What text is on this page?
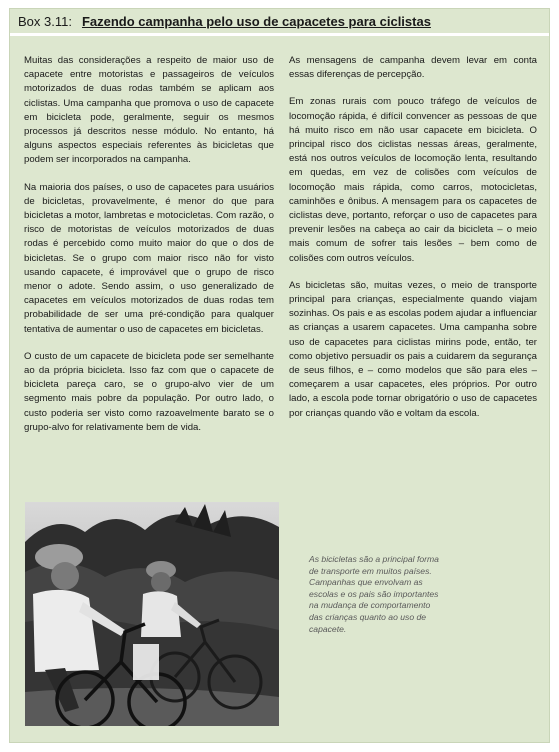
Box 3.11: Fazendo campanha pelo uso de capacetes para ciclistas

Muitas das considerações a respeito de maior uso de capacete entre motoristas e passageiros de veículos motorizados de duas rodas também se aplicam aos ciclistas. Uma campanha que promova o uso de capacete em bicicleta pode, geralmente, seguir os mesmos processos já descritos nesse módulo. No entanto, há alguns aspectos especiais referentes às bicicletas que podem ser incorporados na campanha.

Na maioria dos países, o uso de capacetes para usuários de bicicletas, provavelmente, é menor do que para bicicletas a motor, lambretas e motocicletas. Com razão, o risco de motoristas de veículos motorizados de duas rodas é percebido como muito maior do que o dos de bicicletas. Se o grupo com maior risco não for visto usando capacete, é improvável que o grupo de risco menor o adote. Sendo assim, o uso generalizado de capacetes em veículos motorizados de duas rodas tem probabilidade de ser uma pré-condição para qualquer tentativa de aumentar o uso de capacetes em bicicletas.

O custo de um capacete de bicicleta pode ser semelhante ao da própria bicicleta. Isso faz com que o capacete de bicicleta pareça caro, se o grupo-alvo vier de um segmento mais pobre da população. Por outro lado, o custo poderia ser visto como razoavelmente barato se o grupo-alvo for relativamente bem de vida.

As mensagens de campanha devem levar em conta essas diferenças de percepção.

Em zonas rurais com pouco tráfego de veículos de locomoção rápida, é difícil convencer as pessoas de que há muito risco em não usar capacete em bicicleta. O principal risco dos ciclistas nessas áreas, geralmente, está nos outros veículos de locomoção lenta, resultando em quedas, em vez de colisões com veículos de locomoção mais rápida, como carros, motocicletas, caminhões e ônibus. A mensagem para os capacetes de ciclistas deve, portanto, reforçar o uso de capacetes para prevenir lesões na cabeça ao cair da bicicleta – o meio mais comum de sofrer tais lesões – bem como de colisões com outros veículos.

As bicicletas são, muitas vezes, o meio de transporte principal para crianças, especialmente quando viajam sozinhas. Os pais e as escolas podem ajudar a influenciar as crianças a usarem capacetes. Uma campanha sobre uso de capacetes para ciclistas mirins pode, então, ter como objetivo persuadir os pais a cuidarem da segurança de seus filhos, e – como modelos que são para eles – começarem a usar capacetes, eles próprios. Por outro lado, a escola pode tornar obrigatório o uso de capacetes por crianças quando vão e voltam da escola.

As bicicletas são a principal forma de transporte em muitos países. Campanhas que envolvam as escolas e os pais são importantes na mudança de comportamento das crianças quanto ao uso de capacete.
